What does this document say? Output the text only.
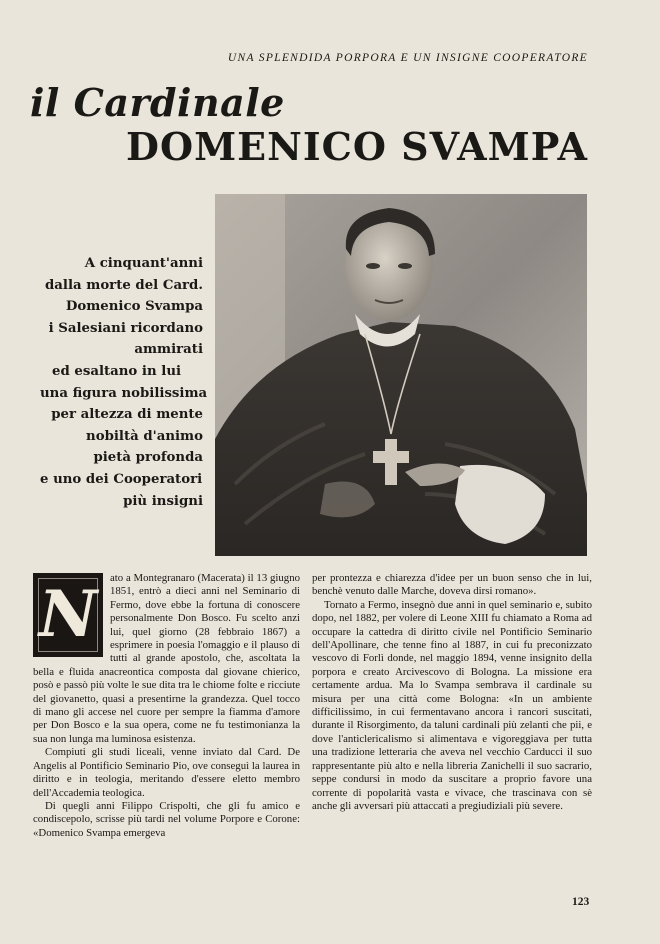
UNA SPLENDIDA PORPORA E UN INSIGNE COOPERATORE
il Cardinale
DOMENICO SVAMPA
A cinquant'anni
dalla morte del Card.
Domenico Svampa
i Salesiani ricordano
ammirati
ed esaltano in lui
una figura nobilissima
per altezza di mente
nobiltà d'animo
pietà profonda
e uno dei Cooperatori
più insigni
N	ato a Montegranaro (Macerata) il 13 giugno 1851, entrò a dieci anni nel Seminario di Fermo, dove ebbe la fortuna di conoscere personalmente Don Bosco. Fu scelto anzi lui, quel giorno (28 febbraio 1867) a esprimere in poesia l'omaggio e il plauso di tutti al grande apostolo, che, ascoltata la bella e fluida anacreontica composta dal giovane chierico, posò e passò più volte le sue dita tra le chiome folte e ricciute del giovanetto, quasi a presentirne la grandezza. Quel tocco di mano gli accese nel cuore per sempre la fiamma d'amore per Don Bosco e la sua opera, come ne fu testimonianza la sua non lunga ma luminosa esistenza.

Compiuti gli studi liceali, venne inviato dal Card. De Angelis al Pontificio Seminario Pio, ove conseguì la laurea in diritto e in teologia, meritando d'essere eletto membro dell'Accademia teologica.

Di quegli anni Filippo Crispolti, che gli fu amico e condiscepolo, scrisse più tardi nel volume Porpore e Corone: «Domenico Svampa emergeva

per prontezza e chiarezza d'idee per un buon senso che in lui, benchè venuto dalle Marche, doveva dirsi romano».

Tornato a Fermo, insegnò due anni in quel seminario e, subito dopo, nel 1882, per volere di Leone XIII fu chiamato a Roma ad occupare la cattedra di diritto civile nel Pontificio Seminario dell'Apollinare, che tenne fino al 1887, in cui fu preconizzato vescovo di Forlì donde, nel maggio 1894, venne insignito della porpora e creato Arcivescovo di Bologna. La missione era certamente ardua. Ma lo Svampa sembrava il cardinale su misura per una città come Bologna: «In un ambiente difficilissimo, in cui fermentavano ancora i rancori suscitati, durante il Risorgimento, da taluni cardinali più zelanti che pii, e dove l'anticlericalismo si alimentava e vigoreggiava per tutta una tradizione letteraria che aveva nel vecchio Carducci il suo rappresentante più alto e nella libreria Zanichelli il suo sacrario, seppe condursi in modo da suscitare a proprio favore una corrente di popolarità vasta e vivace, che trascinava con sè anche gli avversari più attaccati a pregiudiziali più severe.

123
